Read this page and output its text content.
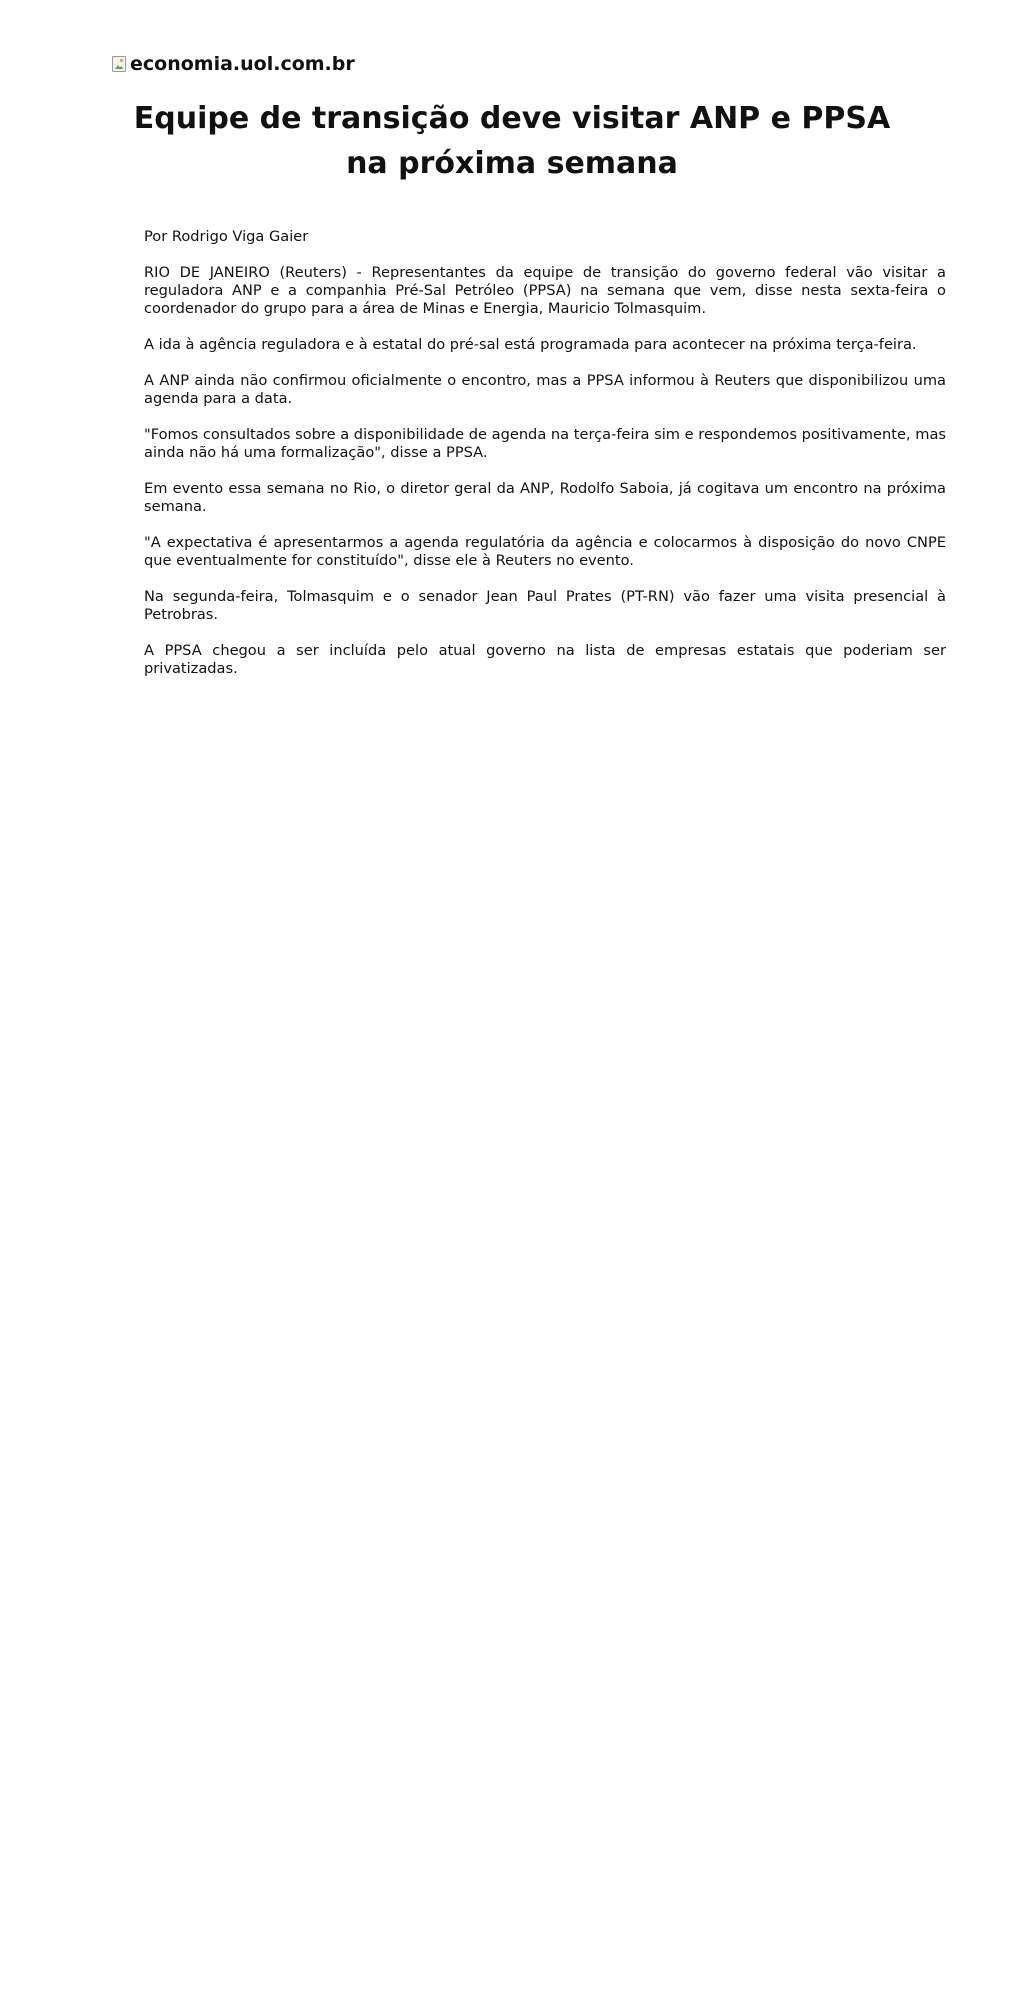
economia.uol.com.br
Equipe de transição deve visitar ANP e PPSA na próxima semana

Por Rodrigo Viga Gaier

RIO DE JANEIRO (Reuters) - Representantes da equipe de transição do governo federal vão visitar a reguladora ANP e a companhia Pré-Sal Petróleo (PPSA) na semana que vem, disse nesta sexta-feira o coordenador do grupo para a área de Minas e Energia, Mauricio Tolmasquim.

A ida à agência reguladora e à estatal do pré-sal está programada para acontecer na próxima terça-feira.

A ANP ainda não confirmou oficialmente o encontro, mas a PPSA informou à Reuters que disponibilizou uma agenda para a data.

"Fomos consultados sobre a disponibilidade de agenda na terça-feira sim e respondemos positivamente, mas ainda não há uma formalização", disse a PPSA.

Em evento essa semana no Rio, o diretor geral da ANP, Rodolfo Saboia, já cogitava um encontro na próxima semana.

"A expectativa é apresentarmos a agenda regulatória da agência e colocarmos à disposição do novo CNPE que eventualmente for constituído", disse ele à Reuters no evento.

Na segunda-feira, Tolmasquim e o senador Jean Paul Prates (PT-RN) vão fazer uma visita presencial à Petrobras.

A PPSA chegou a ser incluída pelo atual governo na lista de empresas estatais que poderiam ser privatizadas.
